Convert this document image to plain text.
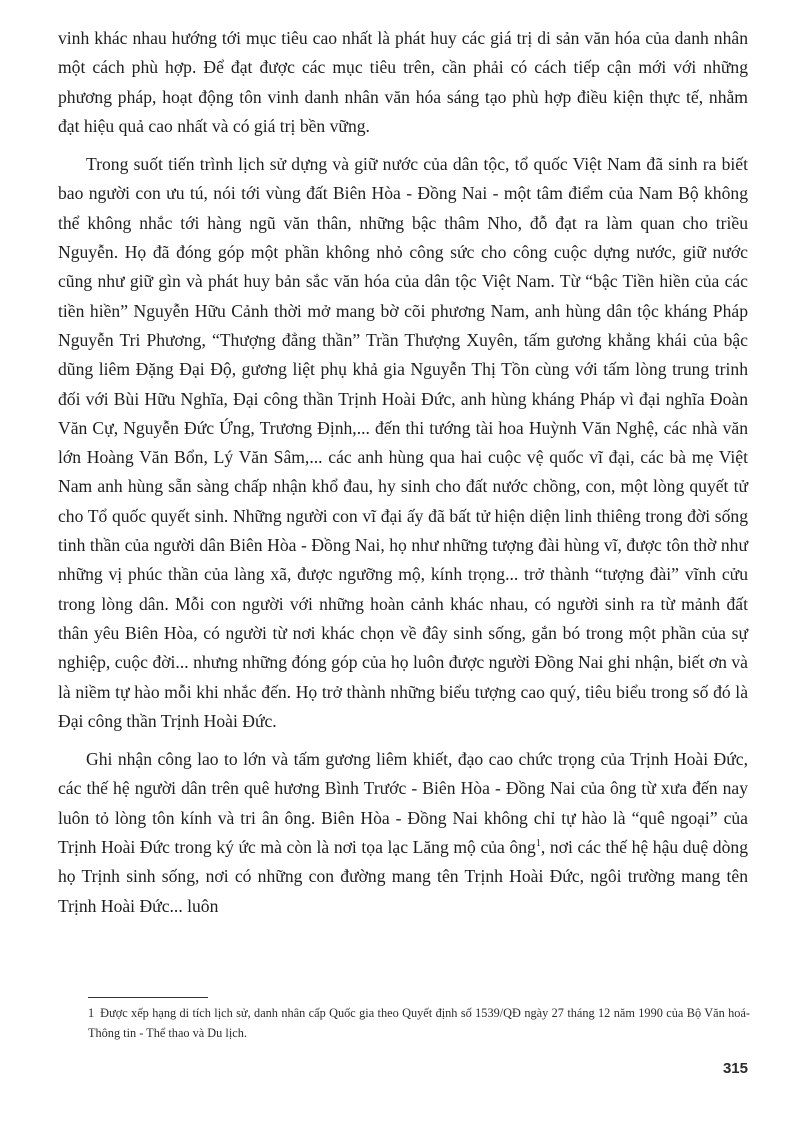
vinh khác nhau hướng tới mục tiêu cao nhất là phát huy các giá trị di sản văn hóa của danh nhân một cách phù hợp. Để đạt được các mục tiêu trên, cần phải có cách tiếp cận mới với những phương pháp, hoạt động tôn vinh danh nhân văn hóa sáng tạo phù hợp điều kiện thực tế, nhằm đạt hiệu quả cao nhất và có giá trị bền vững.

Trong suốt tiến trình lịch sử dựng và giữ nước của dân tộc, tổ quốc Việt Nam đã sinh ra biết bao người con ưu tú, nói tới vùng đất Biên Hòa - Đồng Nai - một tâm điểm của Nam Bộ không thể không nhắc tới hàng ngũ văn thân, những bậc thâm Nho, đỗ đạt ra làm quan cho triều Nguyễn. Họ đã đóng góp một phần không nhỏ công sức cho công cuộc dựng nước, giữ nước cũng như giữ gìn và phát huy bản sắc văn hóa của dân tộc Việt Nam. Từ “bậc Tiền hiền của các tiền hiền” Nguyễn Hữu Cảnh thời mở mang bờ cõi phương Nam, anh hùng dân tộc kháng Pháp Nguyễn Tri Phương, “Thượng đẳng thần” Trần Thượng Xuyên, tấm gương khẳng khái của bậc dũng liêm Đặng Đại Độ, gương liệt phụ khả gia Nguyễn Thị Tồn cùng với tấm lòng trung trinh đối với Bùi Hữu Nghĩa, Đại công thần Trịnh Hoài Đức, anh hùng kháng Pháp vì đại nghĩa Đoàn Văn Cự, Nguyễn Đức Ứng, Trương Định,... đến thi tướng tài hoa Huỳnh Văn Nghệ, các nhà văn lớn Hoàng Văn Bổn, Lý Văn Sâm,... các anh hùng qua hai cuộc vệ quốc vĩ đại, các bà mẹ Việt Nam anh hùng sẵn sàng chấp nhận khổ đau, hy sinh cho đất nước chồng, con, một lòng quyết tử cho Tổ quốc quyết sinh. Những người con vĩ đại ấy đã bất tử hiện diện linh thiêng trong đời sống tinh thần của người dân Biên Hòa - Đồng Nai, họ như những tượng đài hùng vĩ, được tôn thờ như những vị phúc thần của làng xã, được ngưỡng mộ, kính trọng... trở thành “tượng đài” vĩnh cửu trong lòng dân. Mỗi con người với những hoàn cảnh khác nhau, có người sinh ra từ mảnh đất thân yêu Biên Hòa, có người từ nơi khác chọn về đây sinh sống, gắn bó trong một phần của sự nghiệp, cuộc đời... nhưng những đóng góp của họ luôn được người Đồng Nai ghi nhận, biết ơn và là niềm tự hào mỗi khi nhắc đến. Họ trở thành những biểu tượng cao quý, tiêu biểu trong số đó là Đại công thần Trịnh Hoài Đức.

Ghi nhận công lao to lớn và tấm gương liêm khiết, đạo cao chức trọng của Trịnh Hoài Đức, các thế hệ người dân trên quê hương Bình Trước - Biên Hòa - Đồng Nai của ông từ xưa đến nay luôn tỏ lòng tôn kính và tri ân ông. Biên Hòa - Đồng Nai không chỉ tự hào là “quê ngoại” của Trịnh Hoài Đức trong ký ức mà còn là nơi tọa lạc Lăng mộ của ông$^1$, nơi các thế hệ hậu duệ dòng họ Trịnh sinh sống, nơi có những con đường mang tên Trịnh Hoài Đức, ngôi trường mang tên Trịnh Hoài Đức... luôn

1 Được xếp hạng di tích lịch sử, danh nhân cấp Quốc gia theo Quyết định số 1539/QĐ ngày 27 tháng 12 năm 1990 của Bộ Văn hoá- Thông tin - Thể thao và Du lịch.
315
